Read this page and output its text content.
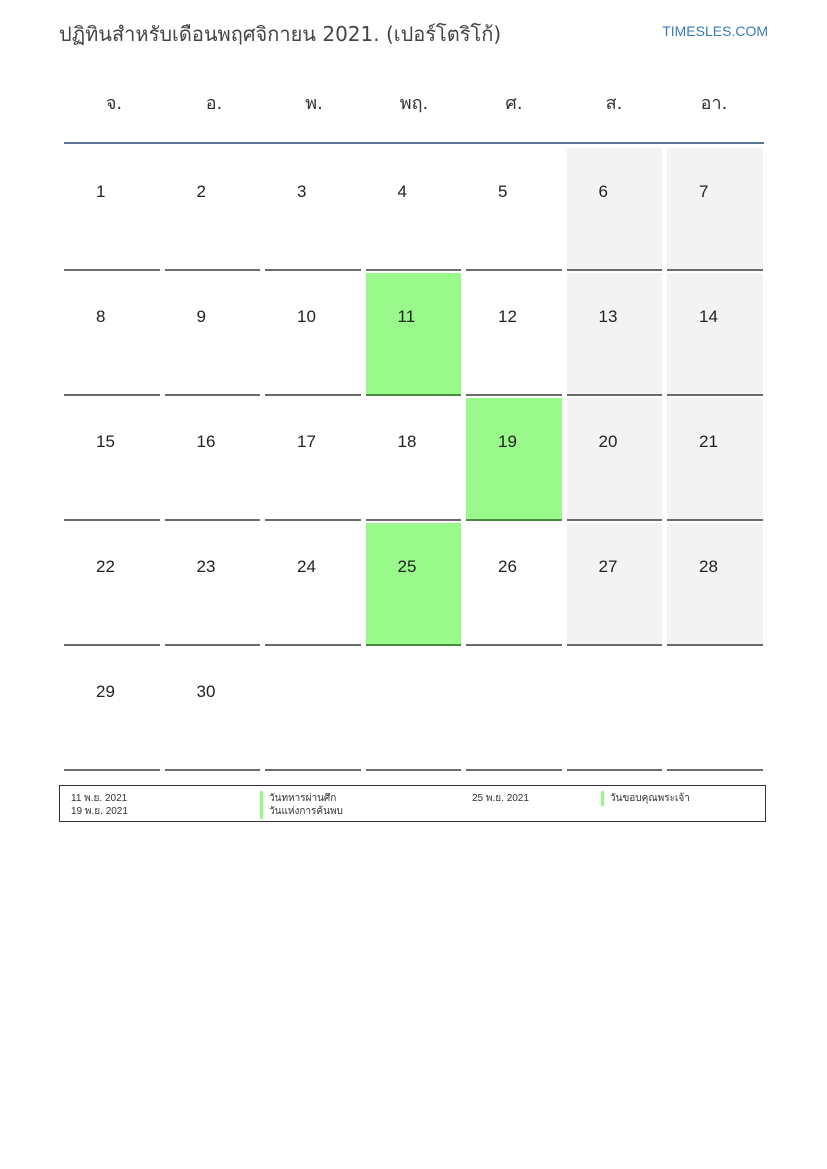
ปฏิทินสำหรับเดือนพฤศจิกายน 2021. (เปอร์โตริโก้)	TIMESLES.COM
จ.	อ.	พ.	พฤ.	ศ.	ส.	อา.
1	2	3	4	5	6	7
8	9	10	11	12	13	14
15	16	17	18	19	20	21
22	23	24	25	26	27	28
29	30
11 พ.ย. 2021	วันทหารผ่านศึก
19 พ.ย. 2021	วันแห่งการค้นพบ
25 พ.ย. 2021	วันขอบคุณพระเจ้า
